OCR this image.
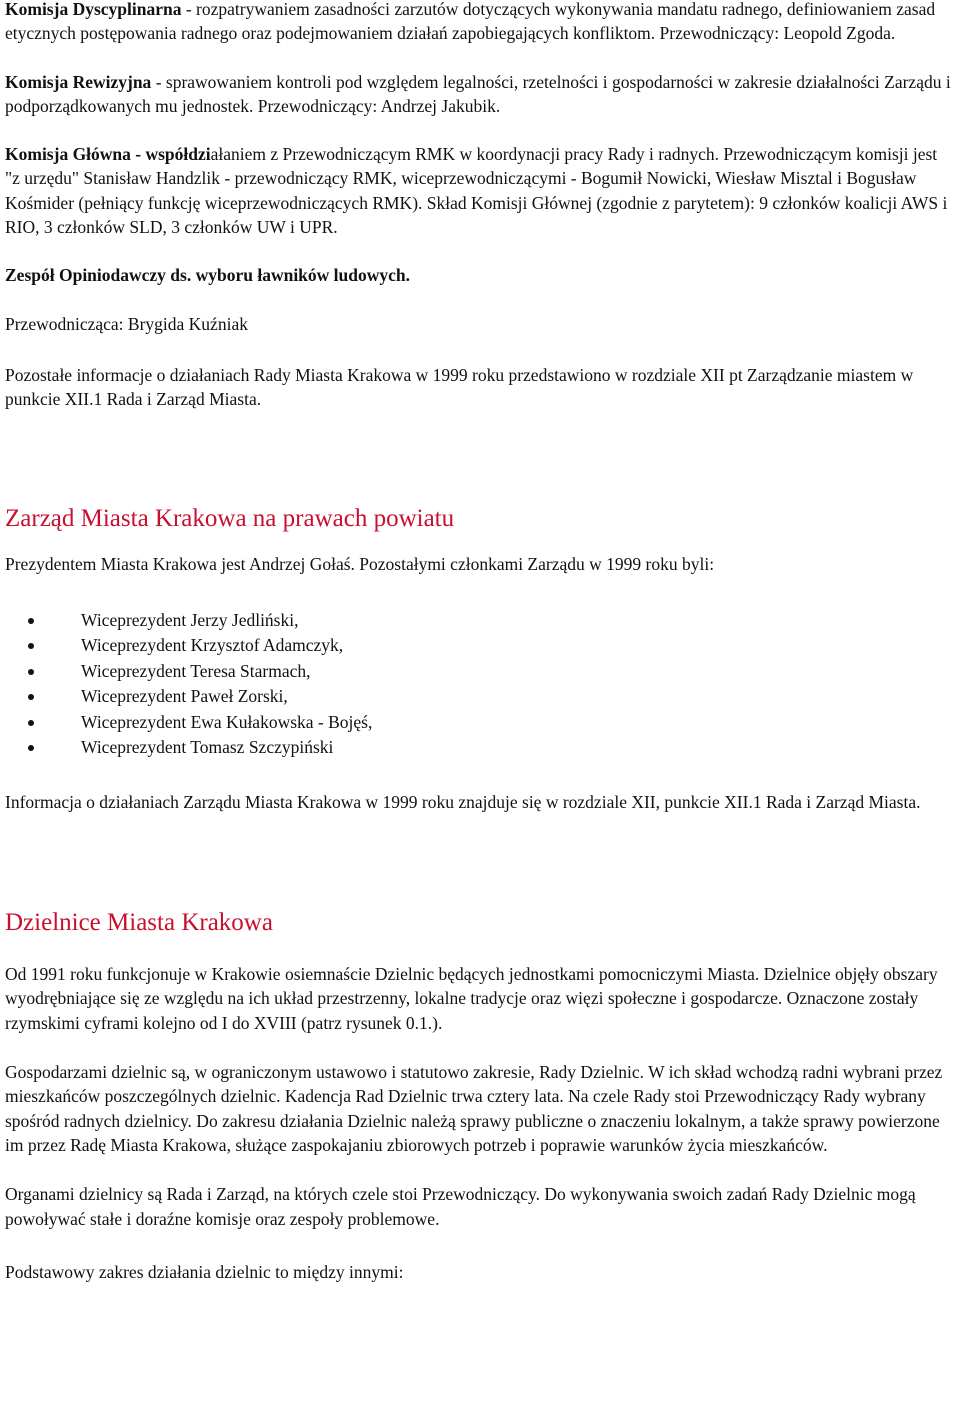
Komisja Dyscyplinarna - rozpatrywaniem zasadności zarzutów dotyczących wykonywania mandatu radnego, definiowaniem zasad etycznych postępowania radnego oraz podejmowaniem działań zapobiegających konfliktom. Przewodniczący: Leopold Zgoda.

Komisja Rewizyjna - sprawowaniem kontroli pod względem legalności, rzetelności i gospodarności w zakresie działalności Zarządu i podporządkowanych mu jednostek. Przewodniczący: Andrzej Jakubik.

Komisja Główna - współdziałaniem z Przewodniczącym RMK w koordynacji pracy Rady i radnych. Przewodniczącym komisji jest "z urzędu" Stanisław Handzlik - przewodniczący RMK, wiceprzewodniczącymi - Bogumił Nowicki, Wiesław Misztal i Bogusław Kośmider (pełniący funkcję wiceprzewodniczących RMK). Skład Komisji Głównej (zgodnie z parytetem): 9 członków koalicji AWS i RIO, 3 członków SLD, 3 członków UW i UPR.

Zespół Opiniodawczy ds. wyboru ławników ludowych.

Przewodnicząca: Brygida Kuźniak

Pozostałe informacje o działaniach Rady Miasta Krakowa w 1999 roku przedstawiono w rozdziale XII pt Zarządzanie miastem w punkcie XII.1 Rada i Zarząd Miasta.

Zarząd Miasta Krakowa na prawach powiatu

Prezydentem Miasta Krakowa jest Andrzej Gołaś. Pozostałymi członkami Zarządu w 1999 roku byli:

Wiceprezydent Jerzy Jedliński,
Wiceprezydent Krzysztof Adamczyk,
Wiceprezydent Teresa Starmach,
Wiceprezydent Paweł Zorski,
Wiceprezydent Ewa Kułakowska - Bojęś,
Wiceprezydent Tomasz Szczypiński

Informacja o działaniach Zarządu Miasta Krakowa w 1999 roku znajduje się w rozdziale XII, punkcie XII.1 Rada i Zarząd Miasta.

Dzielnice Miasta Krakowa

Od 1991 roku funkcjonuje w Krakowie osiemnaście Dzielnic będących jednostkami pomocniczymi Miasta. Dzielnice objęły obszary wyodrębniające się ze względu na ich układ przestrzenny, lokalne tradycje oraz więzi społeczne i gospodarcze. Oznaczone zostały rzymskimi cyframi kolejno od I do XVIII (patrz rysunek 0.1.).

Gospodarzami dzielnic są, w ograniczonym ustawowo i statutowo zakresie, Rady Dzielnic. W ich skład wchodzą radni wybrani przez mieszkańców poszczególnych dzielnic. Kadencja Rad Dzielnic trwa cztery lata. Na czele Rady stoi Przewodniczący Rady wybrany spośród radnych dzielnicy. Do zakresu działania Dzielnic należą sprawy publiczne o znaczeniu lokalnym, a także sprawy powierzone im przez Radę Miasta Krakowa, służące zaspokajaniu zbiorowych potrzeb i poprawie warunków życia mieszkańców.

Organami dzielnicy są Rada i Zarząd, na których czele stoi Przewodniczący. Do wykonywania swoich zadań Rady Dzielnic mogą powoływać stałe i doraźne komisje oraz zespoły problemowe.

Podstawowy zakres działania dzielnic to między innymi:
